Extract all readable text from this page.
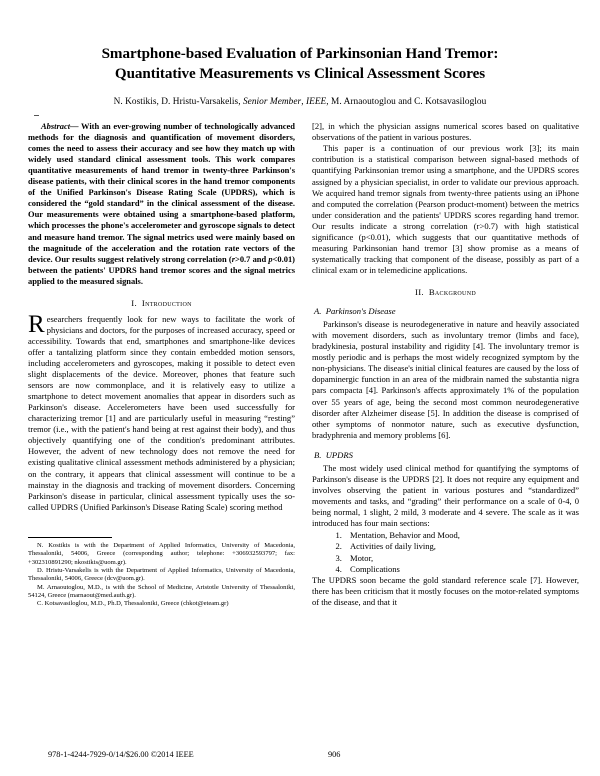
Smartphone-based Evaluation of Parkinsonian Hand Tremor:
Quantitative Measurements vs Clinical Assessment Scores
N. Kostikis, D. Hristu-Varsakelis, Senior Member, IEEE, M. Arnaoutoglou and C. Kotsavasiloglou

Abstract— With an ever-growing number of technologically advanced methods for the diagnosis and quantification of movement disorders, comes the need to assess their accuracy and see how they match up with widely used standard clinical assessment tools. This work compares quantitative measurements of hand tremor in twenty-three Parkinson's disease patients, with their clinical scores in the hand tremor components of the Unified Parkinson's Disease Rating Scale (UPDRS), which is considered the “gold standard” in the clinical assessment of the disease. Our measurements were obtained using a smartphone-based platform, which processes the phone's accelerometer and gyroscope signals to detect and measure hand tremor. The signal metrics used were mainly based on the magnitude of the acceleration and the rotation rate vectors of the device. Our results suggest relatively strong correlation (r>0.7 and p<0.01) between the patients' UPDRS hand tremor scores and the signal metrics applied to the measured signals.

I. Introduction

Researchers frequently look for new ways to facilitate the work of physicians and doctors, for the purposes of increased accuracy, speed or accessibility. Towards that end, smartphones and smartphone-like devices offer a tantalizing platform since they contain embedded motion sensors, including accelerometers and gyroscopes, making it possible to detect even slight displacements of the device. Moreover, phones that feature such sensors are now commonplace, and it is relatively easy to utilize a smartphone to detect movement anomalies that appear in disorders such as Parkinson's disease. Accelerometers have been used successfully for characterizing tremor [1] and are particularly useful in measuring “resting” tremor (i.e., with the patient's hand being at rest against their body), and thus objectively quantifying one of the condition's predominant attributes. However, the advent of new technology does not remove the need for existing qualitative clinical assessment methods administered by a physician; on the contrary, it appears that clinical assessment will continue to be a mainstay in the diagnosis and tracking of movement disorders. Concerning Parkinson's disease in particular, clinical assessment typically uses the so-called UPDRS (Unified Parkinson's Disease Rating Scale) scoring method

N. Kostikis is with the Department of Applied Informatics, University of Macedonia, Thessaloniki, 54006, Greece (corresponding author; telephone: +306932593797; fax: +302310891290; nkostikis@uom.gr).

D. Hristu-Varsakelis is with the Department of Applied Informatics, University of Macedonia, Thessaloniki, 54006, Greece (dcv@uom.gr).

M. Arnaoutoglou, M.D., is with the School of Medicine, Aristotle University of Thessaloniki, 54124, Greece (marnaout@med.auth.gr).

C. Kotsavasiloglou, M.D., Ph.D, Thessaloniki, Greece (chkot@eteam.gr)

[2], in which the physician assigns numerical scores based on qualitative observations of the patient in various postures.

This paper is a continuation of our previous work [3]; its main contribution is a statistical comparison between signal-based methods of quantifying Parkinsonian tremor using a smartphone, and the UPDRS scores assigned by a physician specialist, in order to validate our previous approach. We acquired hand tremor signals from twenty-three patients using an iPhone and computed the correlation (Pearson product-moment) between the metrics under consideration and the patients' UPDRS scores regarding hand tremor. Our results indicate a strong correlation (r>0.7) with high statistical significance (p<0.01), which suggests that our quantitative methods of measuring Parkinsonian hand tremor [3] show promise as a means of systematically tracking that component of the disease, possibly as part of a clinical exam or in telemedicine applications.

II. Background
A. Parkinson's Disease

Parkinson's disease is neurodegenerative in nature and heavily associated with movement disorders, such as involuntary tremor (limbs and face), bradykinesia, postural instability and rigidity [4]. The involuntary tremor is mostly periodic and is perhaps the most widely recognized symptom by the non-physicians. The disease's initial clinical features are caused by the loss of dopaminergic function in an area of the midbrain named the substantia nigra pars compacta [4]. Parkinson's affects approximately 1% of the population over 55 years of age, being the second most common neurodegenerative disorder after Alzheimer disease [5]. In addition the disease is comprised of other symptoms of nonmotor nature, such as executive dysfunction, bradyphrenia and memory problems [6].

B. UPDRS

The most widely used clinical method for quantifying the symptoms of Parkinson's disease is the UPDRS [2]. It does not require any equipment and involves observing the patient in various postures and “standardized” movements and tasks, and “grading” their performance on a scale of 0-4, 0 being normal, 1 slight, 2 mild, 3 moderate and 4 severe. The scale as it was introduced has four main sections:

1. Mentation, Behavior and Mood,
2. Activities of daily living,
3. Motor,
4. Complications

The UPDRS soon became the gold standard reference scale [7]. However, there has been criticism that it mostly focuses on the motor-related symptoms of the disease, and that it

978-1-4244-7929-0/14/$26.00 ©2014 IEEE	906
